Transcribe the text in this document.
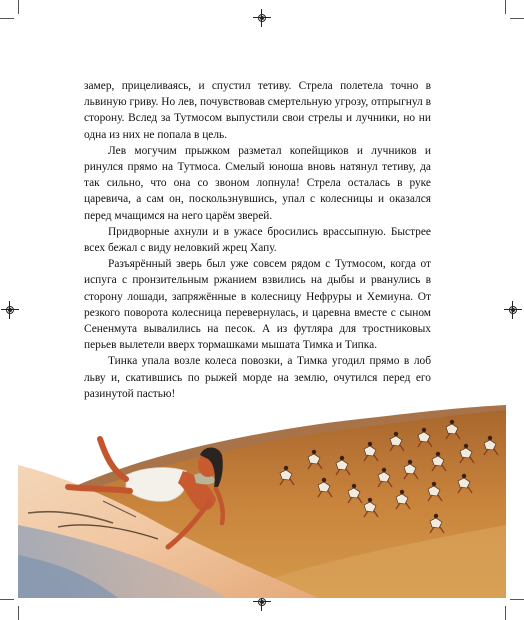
замер, прицеливаясь, и спустил тетиву. Стрела полетела точно в львиную гриву. Но лев, почувствовав смертельную угрозу, отпрыгнул в сторону. Вслед за Тутмосом выпустили свои стрелы и лучники, но ни одна из них не попала в цель.

Лев могучим прыжком разметал копейщиков и лучников и ринулся прямо на Тутмоса. Смелый юноша вновь натянул тетиву, да так сильно, что она со звоном лопнула! Стрела осталась в руке царевича, а сам он, поскользнувшись, упал с колесницы и оказался перед мчащимся на него царём зверей.

Придворные ахнули и в ужасе бросились врассыпную. Быстрее всех бежал с виду неловкий жрец Хапу.

Разъярённый зверь был уже совсем рядом с Тутмосом, когда от испуга с пронзительным ржанием взвились на дыбы и рванулись в сторону лошади, запряжённые в колесницу Нефруры и Хемиуна. От резкого поворота колесница перевернулась, и царевна вместе с сыном Сененмута вывалились на песок. А из футляра для тростниковых перьев вылетели вверх тормашками мышата Тимка и Типка.

Тинка упала возле колеса повозки, а Тимка угодил прямо в лоб льву и, скатившись по рыжей морде на землю, очутился перед его разинутой пастью!
